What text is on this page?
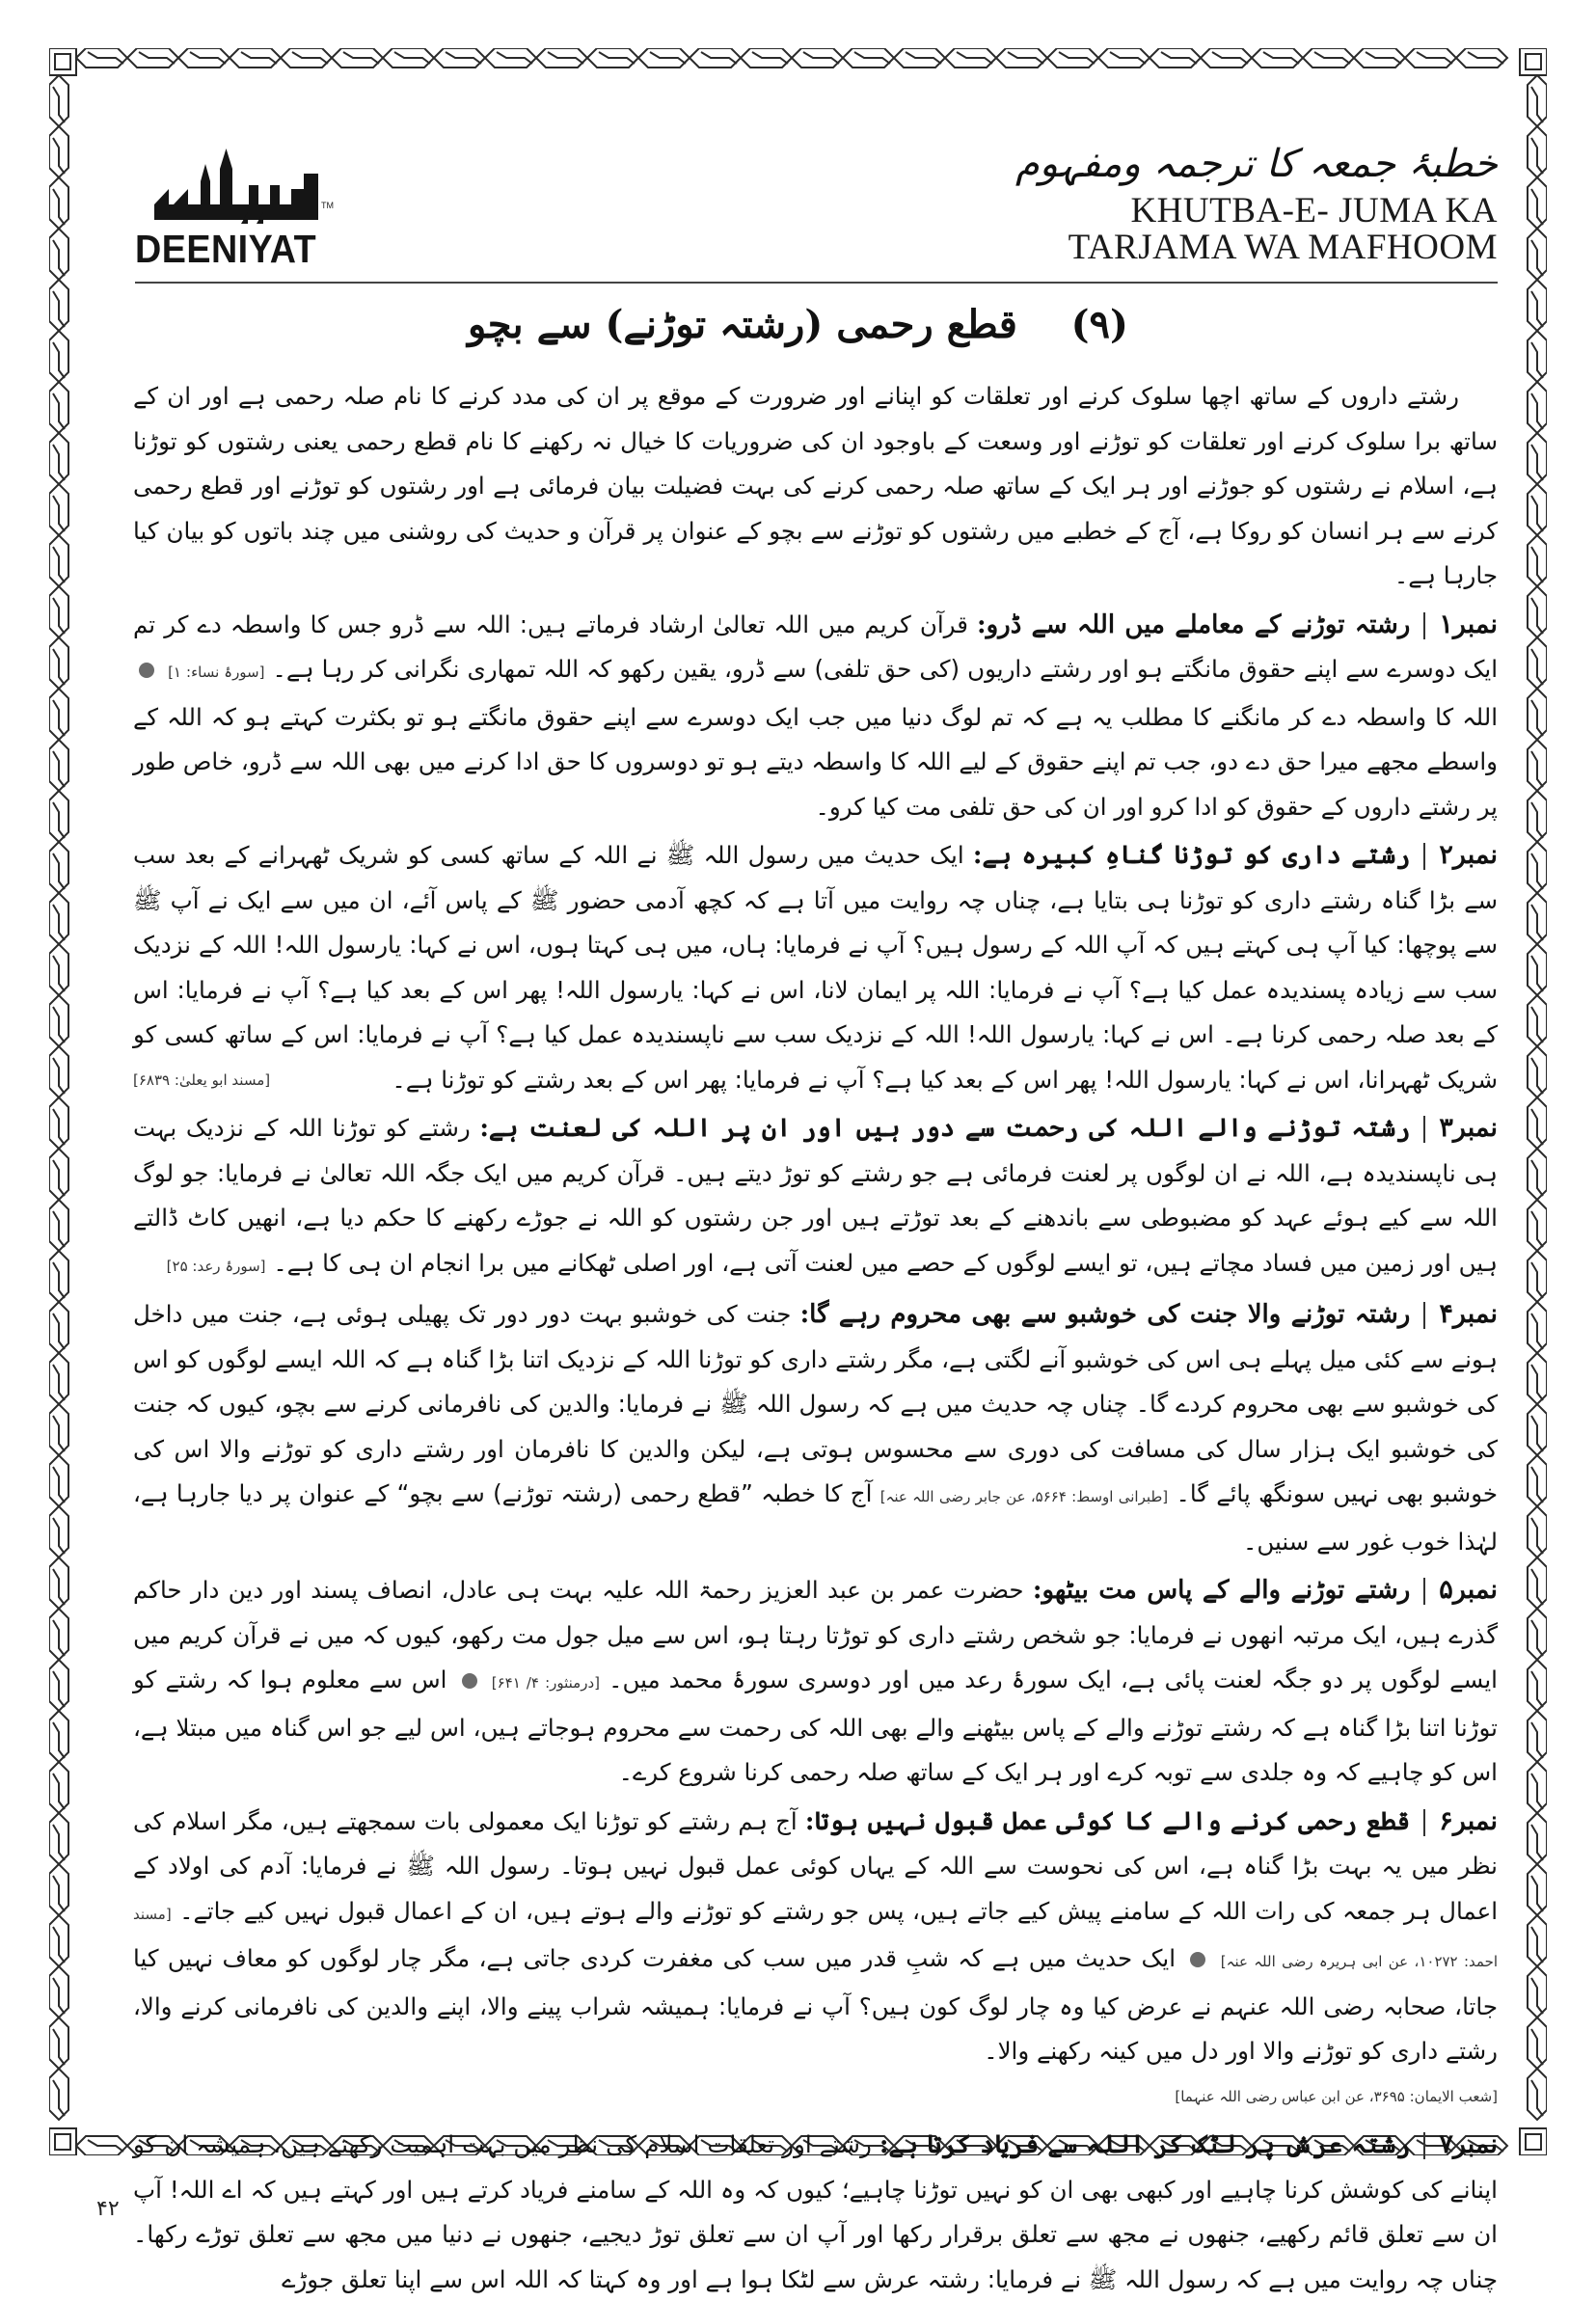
TM
DEENIYAT
خطبۂ جمعہ کا ترجمہ ومفہوم
KHUTBA-E- JUMA KA
TARJAMA WA MAFHOOM
(۹)    قطع رحمی (رشتہ توڑنے) سے بچو

رشتے داروں کے ساتھ اچھا سلوک کرنے اور تعلقات کو اپنانے اور ضرورت کے موقع پر ان کی مدد کرنے کا نام صلہ رحمی ہے اور ان کے ساتھ برا سلوک کرنے اور تعلقات کو توڑنے اور وسعت کے باوجود ان کی ضروریات کا خیال نہ رکھنے کا نام قطع رحمی یعنی رشتوں کو توڑنا ہے، اسلام نے رشتوں کو جوڑنے اور ہر ایک کے ساتھ صلہ رحمی کرنے کی بہت فضیلت بیان فرمائی ہے اور رشتوں کو توڑنے اور قطع رحمی کرنے سے ہر انسان کو روکا ہے، آج کے خطبے میں رشتوں کو توڑنے سے بچو کے عنوان پر قرآن و حدیث کی روشنی میں چند باتوں کو بیان کیا جارہا ہے۔

نمبر۱رشتہ توڑنے کے معاملے میں اللہ سے ڈرو: قرآن کریم میں اللہ تعالیٰ ارشاد فرماتے ہیں: اللہ سے ڈرو جس کا واسطہ دے کر تم ایک دوسرے سے اپنے حقوق مانگتے ہو اور رشتے داریوں (کی حق تلفی) سے ڈرو، یقین رکھو کہ اللہ تمھاری نگرانی کر رہا ہے۔ [سورۂ نساء: ۱]  اللہ کا واسطہ دے کر مانگنے کا مطلب یہ ہے کہ تم لوگ دنیا میں جب ایک دوسرے سے اپنے حقوق مانگتے ہو تو بکثرت کہتے ہو کہ اللہ کے واسطے مجھے میرا حق دے دو، جب تم اپنے حقوق کے لیے اللہ کا واسطہ دیتے ہو تو دوسروں کا حق ادا کرنے میں بھی اللہ سے ڈرو، خاص طور پر رشتے داروں کے حقوق کو ادا کرو اور ان کی حق تلفی مت کیا کرو۔
نمبر۲رشتے داری کو توڑنا گناہِ کبیرہ ہے: ایک حدیث میں رسول اللہ ﷺ نے اللہ کے ساتھ کسی کو شریک ٹھہرانے کے بعد سب سے بڑا گناہ رشتے داری کو توڑنا ہی بتایا ہے، چناں چہ روایت میں آتا ہے کہ کچھ آدمی حضور ﷺ کے پاس آئے، ان میں سے ایک نے آپ ﷺ سے پوچھا: کیا آپ ہی کہتے ہیں کہ آپ اللہ کے رسول ہیں؟ آپ نے فرمایا: ہاں، میں ہی کہتا ہوں، اس نے کہا: یارسول اللہ! اللہ کے نزدیک سب سے زیادہ پسندیدہ عمل کیا ہے؟ آپ نے فرمایا: اللہ پر ایمان لانا، اس نے کہا: یارسول اللہ! پھر اس کے بعد کیا ہے؟ آپ نے فرمایا: اس کے بعد صلہ رحمی کرنا ہے۔ اس نے کہا: یارسول اللہ! اللہ کے نزدیک سب سے ناپسندیدہ عمل کیا ہے؟ آپ نے فرمایا: اس کے ساتھ کسی کو شریک ٹھہرانا، اس نے کہا: یارسول اللہ! پھر اس کے بعد کیا ہے؟ آپ نے فرمایا: پھر اس کے بعد رشتے کو توڑنا ہے۔
[مسند ابو یعلیٰ: ۶۸۳۹]
نمبر۳رشتہ توڑنے والے اللہ کی رحمت سے دور ہیں اور ان پر اللہ کی لعنت ہے: رشتے کو توڑنا اللہ کے نزدیک بہت ہی ناپسندیدہ ہے، اللہ نے ان لوگوں پر لعنت فرمائی ہے جو رشتے کو توڑ دیتے ہیں۔ قرآن کریم میں ایک جگہ اللہ تعالیٰ نے فرمایا: جو لوگ اللہ سے کیے ہوئے عہد کو مضبوطی سے باندھنے کے بعد توڑتے ہیں اور جن رشتوں کو اللہ نے جوڑے رکھنے کا حکم دیا ہے، انھیں کاٹ ڈالتے ہیں اور زمین میں فساد مچاتے ہیں، تو ایسے لوگوں کے حصے میں لعنت آتی ہے، اور اصلی ٹھکانے میں برا انجام ان ہی کا ہے۔ [سورۂ رعد: ۲۵]
نمبر۴رشتہ توڑنے والا جنت کی خوشبو سے بھی محروم رہے گا: جنت کی خوشبو بہت دور دور تک پھیلی ہوئی ہے، جنت میں داخل ہونے سے کئی میل پہلے ہی اس کی خوشبو آنے لگتی ہے، مگر رشتے داری کو توڑنا اللہ کے نزدیک اتنا بڑا گناہ ہے کہ اللہ ایسے لوگوں کو اس کی خوشبو سے بھی محروم کردے گا۔ چناں چہ حدیث میں ہے کہ رسول اللہ ﷺ نے فرمایا: والدین کی نافرمانی کرنے سے بچو، کیوں کہ جنت کی خوشبو ایک ہزار سال کی مسافت کی دوری سے محسوس ہوتی ہے، لیکن والدین کا نافرمان اور رشتے داری کو توڑنے والا اس کی خوشبو بھی نہیں سونگھ پائے گا۔ [طبرانی اوسط: ۵۶۶۴، عن جابر رضی اللہ عنہ] آج کا خطبہ ”قطع رحمی (رشتہ توڑنے) سے بچو“ کے عنوان پر دیا جارہا ہے، لہٰذا خوب غور سے سنیں۔
نمبر۵رشتے توڑنے والے کے پاس مت بیٹھو: حضرت عمر بن عبد العزیز رحمۃ اللہ علیہ بہت ہی عادل، انصاف پسند اور دین دار حاکم گذرے ہیں، ایک مرتبہ انھوں نے فرمایا: جو شخص رشتے داری کو توڑتا رہتا ہو، اس سے میل جول مت رکھو، کیوں کہ میں نے قرآن کریم میں ایسے لوگوں پر دو جگہ لعنت پائی ہے، ایک سورۂ رعد میں اور دوسری سورۂ محمد میں۔ [درمنثور: ۴/ ۶۴۱]  اس سے معلوم ہوا کہ رشتے کو توڑنا اتنا بڑا گناہ ہے کہ رشتے توڑنے والے کے پاس بیٹھنے والے بھی اللہ کی رحمت سے محروم ہوجاتے ہیں، اس لیے جو اس گناہ میں مبتلا ہے، اس کو چاہیے کہ وہ جلدی سے توبہ کرے اور ہر ایک کے ساتھ صلہ رحمی کرنا شروع کرے۔
نمبر۶قطع رحمی کرنے والے کا کوئی عمل قبول نہیں ہوتا: آج ہم رشتے کو توڑنا ایک معمولی بات سمجھتے ہیں، مگر اسلام کی نظر میں یہ بہت بڑا گناہ ہے، اس کی نحوست سے اللہ کے یہاں کوئی عمل قبول نہیں ہوتا۔ رسول اللہ ﷺ نے فرمایا: آدم کی اولاد کے اعمال ہر جمعہ کی رات اللہ کے سامنے پیش کیے جاتے ہیں، پس جو رشتے کو توڑنے والے ہوتے ہیں، ان کے اعمال قبول نہیں کیے جاتے۔ [مسند احمد: ۱۰۲۷۲، عن ابی ہریرہ رضی اللہ عنہ]  ایک حدیث میں ہے کہ شبِ قدر میں سب کی مغفرت کردی جاتی ہے، مگر چار لوگوں کو معاف نہیں کیا جاتا، صحابہ رضی اللہ عنہم نے عرض کیا وہ چار لوگ کون ہیں؟ آپ نے فرمایا: ہمیشہ شراب پینے والا، اپنے والدین کی نافرمانی کرنے والا، رشتے داری کو توڑنے والا اور دل میں کینہ رکھنے والا۔
[شعب الایمان: ۳۶۹۵، عن ابن عباس رضی اللہ عنہما]
نمبر۷رشتہ عرش پر لٹک کر اللہ سے فریاد کرتا ہے: رشتے اور تعلقات اسلام کی نظر میں بہت اہمیت رکھتے ہیں، ہمیشہ ان کو اپنانے کی کوشش کرنا چاہیے اور کبھی بھی ان کو نہیں توڑنا چاہیے؛ کیوں کہ وہ اللہ کے سامنے فریاد کرتے ہیں اور کہتے ہیں کہ اے اللہ! آپ ان سے تعلق قائم رکھیے، جنھوں نے مجھ سے تعلق برقرار رکھا اور آپ ان سے تعلق توڑ دیجیے، جنھوں نے دنیا میں مجھ سے تعلق توڑے رکھا۔ چناں چہ روایت میں ہے کہ رسول اللہ ﷺ نے فرمایا: رشتہ عرش سے لٹکا ہوا ہے اور وہ کہتا کہ اللہ اس سے اپنا تعلق جوڑے
۴۲
